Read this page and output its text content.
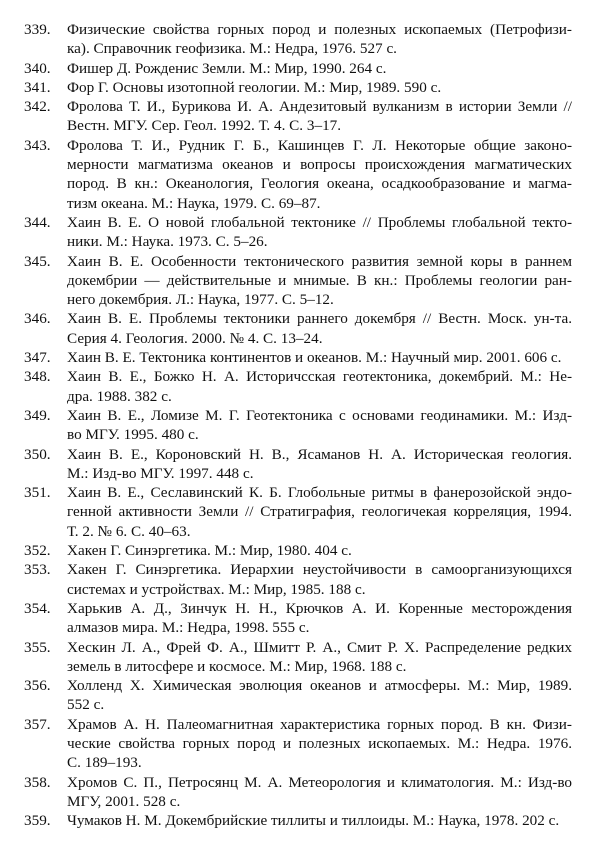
339.	Физические свойства горных пород и полезных ископаемых (Петрофизи-
ка). Справочник геофизика. М.: Недра, 1976. 527 с.
340.	Фишер Д. Рожденис Земли. М.: Мир, 1990. 264 с.
341.	Фор Г. Основы изотопной геологии. М.: Мир, 1989. 590 с.
342.	Фролова Т. И., Бурикова И. А. Андезитовый вулканизм в истории Земли //
Вестн. МГУ. Сер. Геол. 1992. Т. 4. С. 3–17.
343.	Фролова Т. И., Рудник Г. Б., Кашинцев Г. Л. Некоторые общие законо-
мерности магматизма океанов и вопросы происхождения магматических
пород. В кн.: Океанология, Геология океана, осадкообразование и магма-
тизм океана. М.: Наука, 1979. С. 69–87.
344.	Хаин В. Е. О новой глобальной тектонике // Проблемы глобальной текто-
ники. М.: Наука. 1973. С. 5–26.
345.	Хаин В. Е. Особенности тектонического развития земной коры в раннем
докембрии — действительные и мнимые. В кн.: Проблемы геологии ран-
него докембрия. Л.: Наука, 1977. С. 5–12.
346.	Хаин В. Е. Проблемы тектоники раннего докембря // Вестн. Моск. ун-та.
Серия 4. Геология. 2000. № 4. С. 13–24.
347.	Хаин В. Е. Тектоника континентов и океанов. М.: Научный мир. 2001. 606 с.
348.	Хаин В. Е., Божко Н. А. Историчсская геотектоника, докембрий. М.: Не-
дра. 1988. 382 с.
349.	Хаин В. Е., Ломизе М. Г. Геотектоника с основами геодинамики. М.: Изд-
во МГУ. 1995. 480 с.
350.	Хаин В. Е., Короновский Н. В., Ясаманов Н. А. Историческая геология.
М.: Изд-во МГУ. 1997. 448 с.
351.	Хаин В. Е., Сеславинский К. Б. Глобольные ритмы в фанерозойской эндо-
генной активности Земли // Стратиграфия, геологичекая корреляция, 1994.
Т. 2. № 6. С. 40–63.
352.	Хакен Г. Синэргетика. М.: Мир, 1980. 404 с.
353.	Хакен Г. Синэргетика. Иерархии неустойчивости в самоорганизующихся
системах и устройствах. М.: Мир, 1985. 188 с.
354.	Харькив А. Д., Зинчук Н. Н., Крючков А. И. Коренные месторождения
алмазов мира. М.: Недра, 1998. 555 с.
355.	Хескин Л. А., Фрей Ф. А., Шмитт Р. А., Смит Р. Х. Распределение редких
земель в литосфере и космосе. М.: Мир, 1968. 188 с.
356.	Холленд Х. Химическая эволюция океанов и атмосферы. М.: Мир, 1989.
552 с.
357.	Храмов А. Н. Палеомагнитная характеристика горных пород. В кн. Физи-
ческие свойства горных пород и полезных ископаемых. М.: Недра. 1976.
С. 189–193.
358.	Хромов С. П., Петросянц М. А. Метеорология и климатология. М.: Изд-во
МГУ, 2001. 528 с.
359.	Чумаков Н. М. Докембрийские тиллиты и тиллоиды. М.: Наука, 1978. 202 с.
